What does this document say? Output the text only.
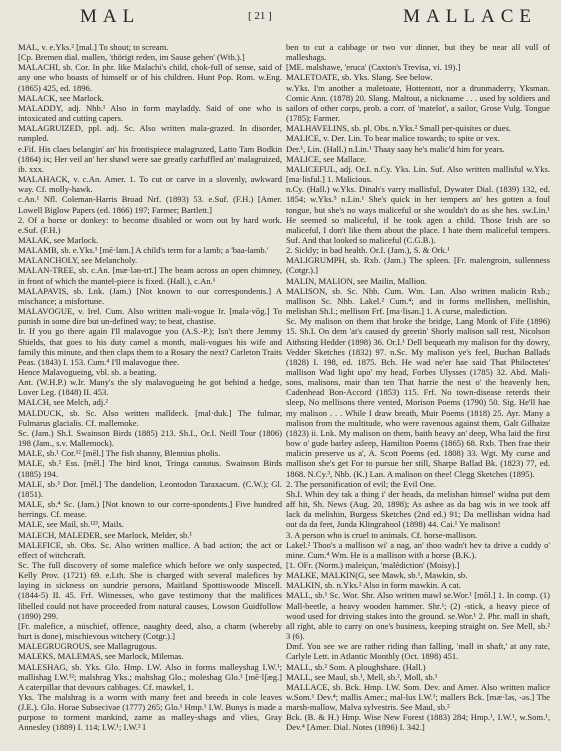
MAL	[ 21 ]	MALLACE

MAL, v. e.Yks.² [mal.] To shout; to scream.

[Cp. Bremen dial. mallen, 'thörigt reden, im Sause gehen' (Wtb.).]

MALACHI, sb. Cor. In phr. like Malachi's child, chok-full of sense, said of any one who boasts of himself or of his children. Hunt Pop. Rom. w.Eng. (1865) 425, ed. 1896.

MALACK, see Marlock.

MALADDY, adj. Nhb.¹ Also in form mayladdy. Said of one who is intoxicated and cutting capers.

MALAGRUIZED, ppl. adj. Sc. Also written mala-grazed. In disorder, rumpled.

e.Fif. His claes belangin' an' his frontispiece malagruzed, Latto Tam Bodkin (1864) ix; Her veil an' her shawl were sae greatly carfuffled an' malagruized, ib. xxx.

MALAHACK, v. c.An. Amer. 1. To cut or carve in a slovenly, awkward way. Cf. molly-hawk.

c.An.¹ Nfl. Coleman-Harris Broad Nrf. (1893) 53. e.Suf. (F.H.) [Amer. Lowell Biglow Papers (ed. 1866) 197; Farmer; Bartlett.]

2. Of a horse or donkey: to become disabled or worn out by hard work. e.Suf. (F.H.)

MALAK, see Marlock.

MALAMB, sb. e.Yks.¹ [mē·lam.] A child's term for a lamb; a 'baa-lamb.'

MALANCHOLY, see Melancholy.

MALAN-TREE, sb. c.An. [mæ·lən-trī.] The beam across an open chimney, in front of which the mantel-piece is fixed. (Hall.), c.An.¹

MALAPAVIS, sb. Lnk. (Jam.) [Not known to our correspondents.] A mischance; a misfortune.

MALAVOGUE, v. Irel. Cum. Also written mali-vogue Ir. [malə·vōg.] To punish in some dire but un-defined way; to beat, chastise.

Ir. If you go there again I'll malavogue you (A.S.-P.); Isn't there Jemmy Shields, that goes to his duty camel a month, mali-vogues his wife and family this minute, and then claps them to a Rosary the next? Carleton Traits Peas. (1843) I. 153. Cum.⁴ I'll malavogue thee.

Hence Malavogueing, vbl. sb. a beating.

Ant. (W.H.P.) w.Ir. Many's the sly malavogueing he got behind a hedge, Lover Leg. (1848) II. 453.

MALCH, see Melch, adj.²

MALDUCK, sb. Sc. Also written malldeck. [mal·duk.] The fulmar, Fulmarus glacialis. Cf. mallemoke.

Sc. (Jam.) Sh.I. Swainson Birds (1885) 213. Sh.I., Or.I. Neill Tour (1806) 198 (Jam., s.v. Mallemock).

MALE, sb.¹ Cor.¹² [mēl.] The fish shanny, Blennius pholis.

MALE, sb.² Ess. [mēl.] The bird knot, Tringa canutus. Swainson Birds (1885) 194.

MALE, sb.³ Dor. [mēl.] The dandelion, Leontodon Taraxacum. (C.W.); Gl. (1851).

MALE, sb.⁴ Sc. (Jam.) [Not known to our corre-spondents.] Five hundred herrings. Cf. mease.

MALE, see Mail, sb.¹²³, Mails.

MALECH, MALEDER, see Marlock, Melder, sb.¹

MALEFICE, sb. Obs. Sc. Also written mallice. A bad action; the act or effect of witchcraft.

Sc. The full discovery of some malefice which before we only suspected, Kelly Prov. (1721) 69. e.Lth. She is charged with several malefices by laying in sickness on sundrie persons, Maitland Spottiswoode Miscell. (1844-5) II. 45. Frf. Witnesses, who gave testimony that the malifices libelled could not have proceeded from natural causes, Lowson Guidfollow (1890) 299.

[Fr. malefice, a mischief, offence, naughty deed, also, a charm (whereby hurt is done), mischievous witchery (Cotgr.).]

MALEGRUGROUS, see Mallagrugous.

MALEKS, MALEMAS, see Marlock, Milemas.

MALESHAG, sb. Yks. Glo. Hmp. I.W. Also in forms malleyshag I.W.¹; mallishag I.W.¹²; malshrag Yks.; maltshag Glo.; moleshag Glo.¹ [mē·lʃæg.] A caterpillar that devours cabbages. Cf. mawkel, 1.

Yks. The malshrag is a worm with many feet and breeds in cole leaves (J.E.). Glo. Horae Subsecivae (1777) 265; Glo.¹ Hmp.¹ I.W. Bunys is made a purpose to torment mankind, zame as malley-shags and vlies, Gray Annesley (1889) I. 114; I.W.¹; I.W.² I

ben to cut a cabbage or two vor dinner, but they be near all vull of malleshags.

[ME. malshawe, 'eruca' (Caxton's Trevisa, vi. 19).]

MALETOATE, sb. Yks. Slang. See below.

w.Yks. I'm another a maletoate, Hottentott, nor a drunmaderry, Yksman. Comic Ann. (1878) 20. Slang. Maltout, a nickname . . . used by soldiers and sailors of other corps, prob. a corr. of 'matelot', a sailor, Grose Vulg. Tongue (1785); Farmer.

MALHAVELINS, sb. pl. Obs. n.Yks.² Small per-quisites or dues.

MALICE, v. Der. Lin. To bear malice towards; to spite or vex.

Der.¹, Lin. (Hall.) n.Lin.¹ Thaay saay he's malic'd him for years.

MALICE, see Mallace.

MALICEFUL, adj. Or.I. n.Cy. Yks. Lin. Suf. Also written mallisful w.Yks. [ma·lisful.] 1. Malicious.

n.Cy. (Hall.) w.Yks. Dinah's varry mallisful, Dywater Dial. (1839) 132, ed. 1854; w.Yks.⁵ n.Lin.¹ She's quick in her tempers an' hes gotten a foul tongue, but she's no ways maliceful or she wouldn't do as she hes. sw.Lin.¹ He seemed so maliceful, if he took agen a child. Those Irish are so maliceful, I don't like them about the place. I hate them maliceful tempers. Suf. And that looked so maliceful (C.G.B.).

2. Sickly; in bad health. Or.I. (Jam.), S. & Ork.¹

MALIGRUMPH, sb. Rxb. (Jam.) The spleen. [Fr. malengroin, sullenness (Cotgr.).]

MALIN, MALION, see Mailin, Mallion.

MALISON, sb. Sc. Nhb. Cum. Wm. Lan. Also written malicin Rxb.; mallison Sc. Nhb. Lakel.² Cum.⁴; and in forms mellishen, mellishin, melishan Sh.I.; mellison Frf. [ma·lisən.] 1. A curse, malediction.

Sc. My malison on them that broke the bridge, Lang Monk of Fife (1896) 15. Sh.I. On dem 'at's caused dy greetin' Shorly malison sall rest, Nicolson Aithsting Hedder (1898) 36. Or.I.¹ Dell bequeath my malison for thy dowry, Vedder Sketches (1832) 97. n.Sc. My malison ye's feel, Buchan Ballads (1828) I. 198, ed. 1875. Bch. He wad ne'er hae said That Philoctetes' mallison Wad light upo' my head, Forbes Ulysses (1785) 32. Abd. Mali-sons, malisons, mair than ten That harrie the nest o' the heavenly hen, Cadenhead Bon-Accord (1853) 115. Frf. No town-disease reterds their sleep, No mellisons there vented, Morison Poems (1790) 50. Sig. He'll hae my malison . . . While I draw breath, Muir Poems (1818) 25. Ayr. Many a malison from the multitude, who were ravenous against them, Galt Gilhaize (1823) ii. Lnk. My malison on them, baith heavy an' deep, Wha laid the first bow o' gude barley asleep, Hamilton Poems (1865) 68. Rxb. Then frae their malicin preserve us a', A. Scott Poems (ed. 1808) 33. Wgt. My curse and mallison she's get For to pursue her still, Sharpe Ballad Bk. (1823) 77, ed. 1868. N.Cy.³, Nhb. (K.) Lan. A malison on thee! Clegg Sketches (1895).

2. The personification of evil; the Evil One.

Sh.I. Whin dey tak a thing i' der heads, da melishan himsel' widna put dem aff hit, Sh. News (Aug. 20, 1898); As ashee as da bag wis in we took aff lack da melishin, Burgess Sketches (2nd ed.) 91; Da mellishan widna had out da da feet, Junda Klingrahool (1898) 44. Cai.¹ Ye malison!

3. A person who is cruel to animals. Cf. horse-mallison.

Lakel.² Thoo's a mallison wi' a nag, an' thoo wadn't hev ta drive a cuddy o' mine. Cum.⁴ Wm. He is a mallison with a horse (B.K.).

[1. OFr. (Norm.) maleiçun, 'malédiction' (Moisy).]

MALKE, MALKIN(G, see Mawk, sb.¹, Mawkin, sb.

MALKIN, sb. n.Yks.² Also in form mawkin. A cat.

MALL, sb.¹ Sc. Wor. Shr. Also written mawl se.Wor.¹ [mōl.] 1. In comp. (1) Mall-beetle, a heavy wooden hammer. Shr.¹; (2) -stick, a heavy piece of wood used for driving stakes into the ground. se.Wor.¹ 2. Phr. mall in shaft, all right, able to carry on one's business, keeping straight on. See Mell, sb.² 3 (6).

Dmf. You see we are rather riding than falling, 'mall in shaft,' at any rate, Carlyle Lett. in Atlantic Monthly (Oct. 1898) 451.

MALL, sb.² Som. A ploughshare. (Hall.)

MALL, see Maul, sb.¹, Mell, sb.², Moll, sb.¹

MALLACE, sb. Bck. Hmp. I.W. Som. Dev. and Amer. Also written malice w.Som.¹ Dev.⁴; mallis Amer.; mal-lus I.W.¹; mallers Bck. [mæ·ləs, -əs.] The marsh-mallow, Malva sylvestris. See Maul, sb.²

Bck. (B. & H.) Hmp. Wise New Forest (1883) 284; Hmp.¹, I.W.¹, w.Som.¹, Dev.⁴ [Amer. Dial. Notes (1896) I. 342.]
